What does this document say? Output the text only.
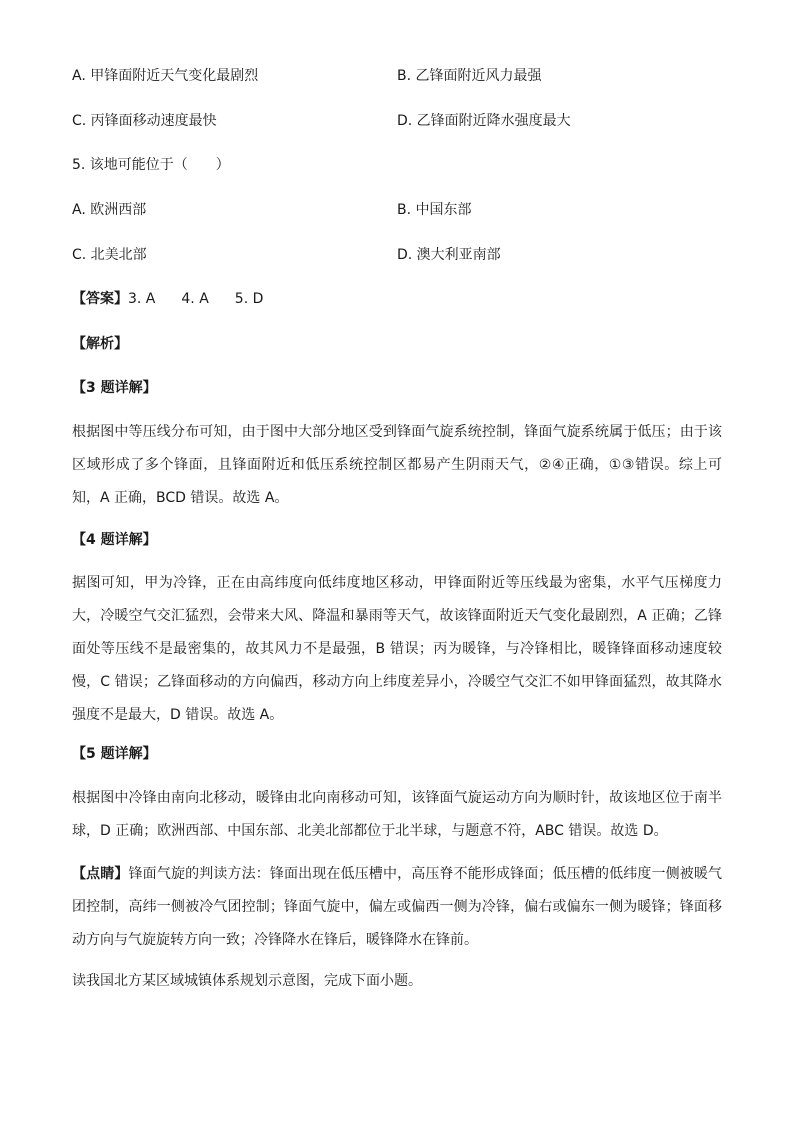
A. 甲锋面附近天气变化最剧烈	B. 乙锋面附近风力最强
C. 丙锋面移动速度最快	D. 乙锋面附近降水强度最大
5. 该地可能位于（　　）
A. 欧洲西部	B. 中国东部
C. 北美北部	D. 澳大利亚南部
【答案】3. A 4. A 5. D
【解析】
【3 题详解】
根据图中等压线分布可知，由于图中大部分地区受到锋面气旋系统控制，锋面气旋系统属于低压；由于该区域形成了多个锋面，且锋面附近和低压系统控制区都易产生阴雨天气，②④正确，①③错误。综上可知，A 正确，BCD 错误。故选 A。
【4 题详解】
据图可知，甲为冷锋，正在由高纬度向低纬度地区移动，甲锋面附近等压线最为密集，水平气压梯度力大，冷暖空气交汇猛烈，会带来大风、降温和暴雨等天气，故该锋面附近天气变化最剧烈，A 正确；乙锋面处等压线不是最密集的，故其风力不是最强，B 错误；丙为暖锋，与冷锋相比，暖锋锋面移动速度较慢，C 错误；乙锋面移动的方向偏西，移动方向上纬度差异小，冷暖空气交汇不如甲锋面猛烈，故其降水强度不是最大，D 错误。故选 A。
【5 题详解】
根据图中冷锋由南向北移动，暖锋由北向南移动可知，该锋面气旋运动方向为顺时针，故该地区位于南半球，D 正确；欧洲西部、中国东部、北美北部都位于北半球，与题意不符，ABC 错误。故选 D。
【点睛】锋面气旋的判读方法：锋面出现在低压槽中，高压脊不能形成锋面；低压槽的低纬度一侧被暖气团控制，高纬一侧被冷气团控制；锋面气旋中，偏左或偏西一侧为冷锋，偏右或偏东一侧为暖锋；锋面移动方向与气旋旋转方向一致；冷锋降水在锋后，暖锋降水在锋前。
读我国北方某区域城镇体系规划示意图，完成下面小题。
